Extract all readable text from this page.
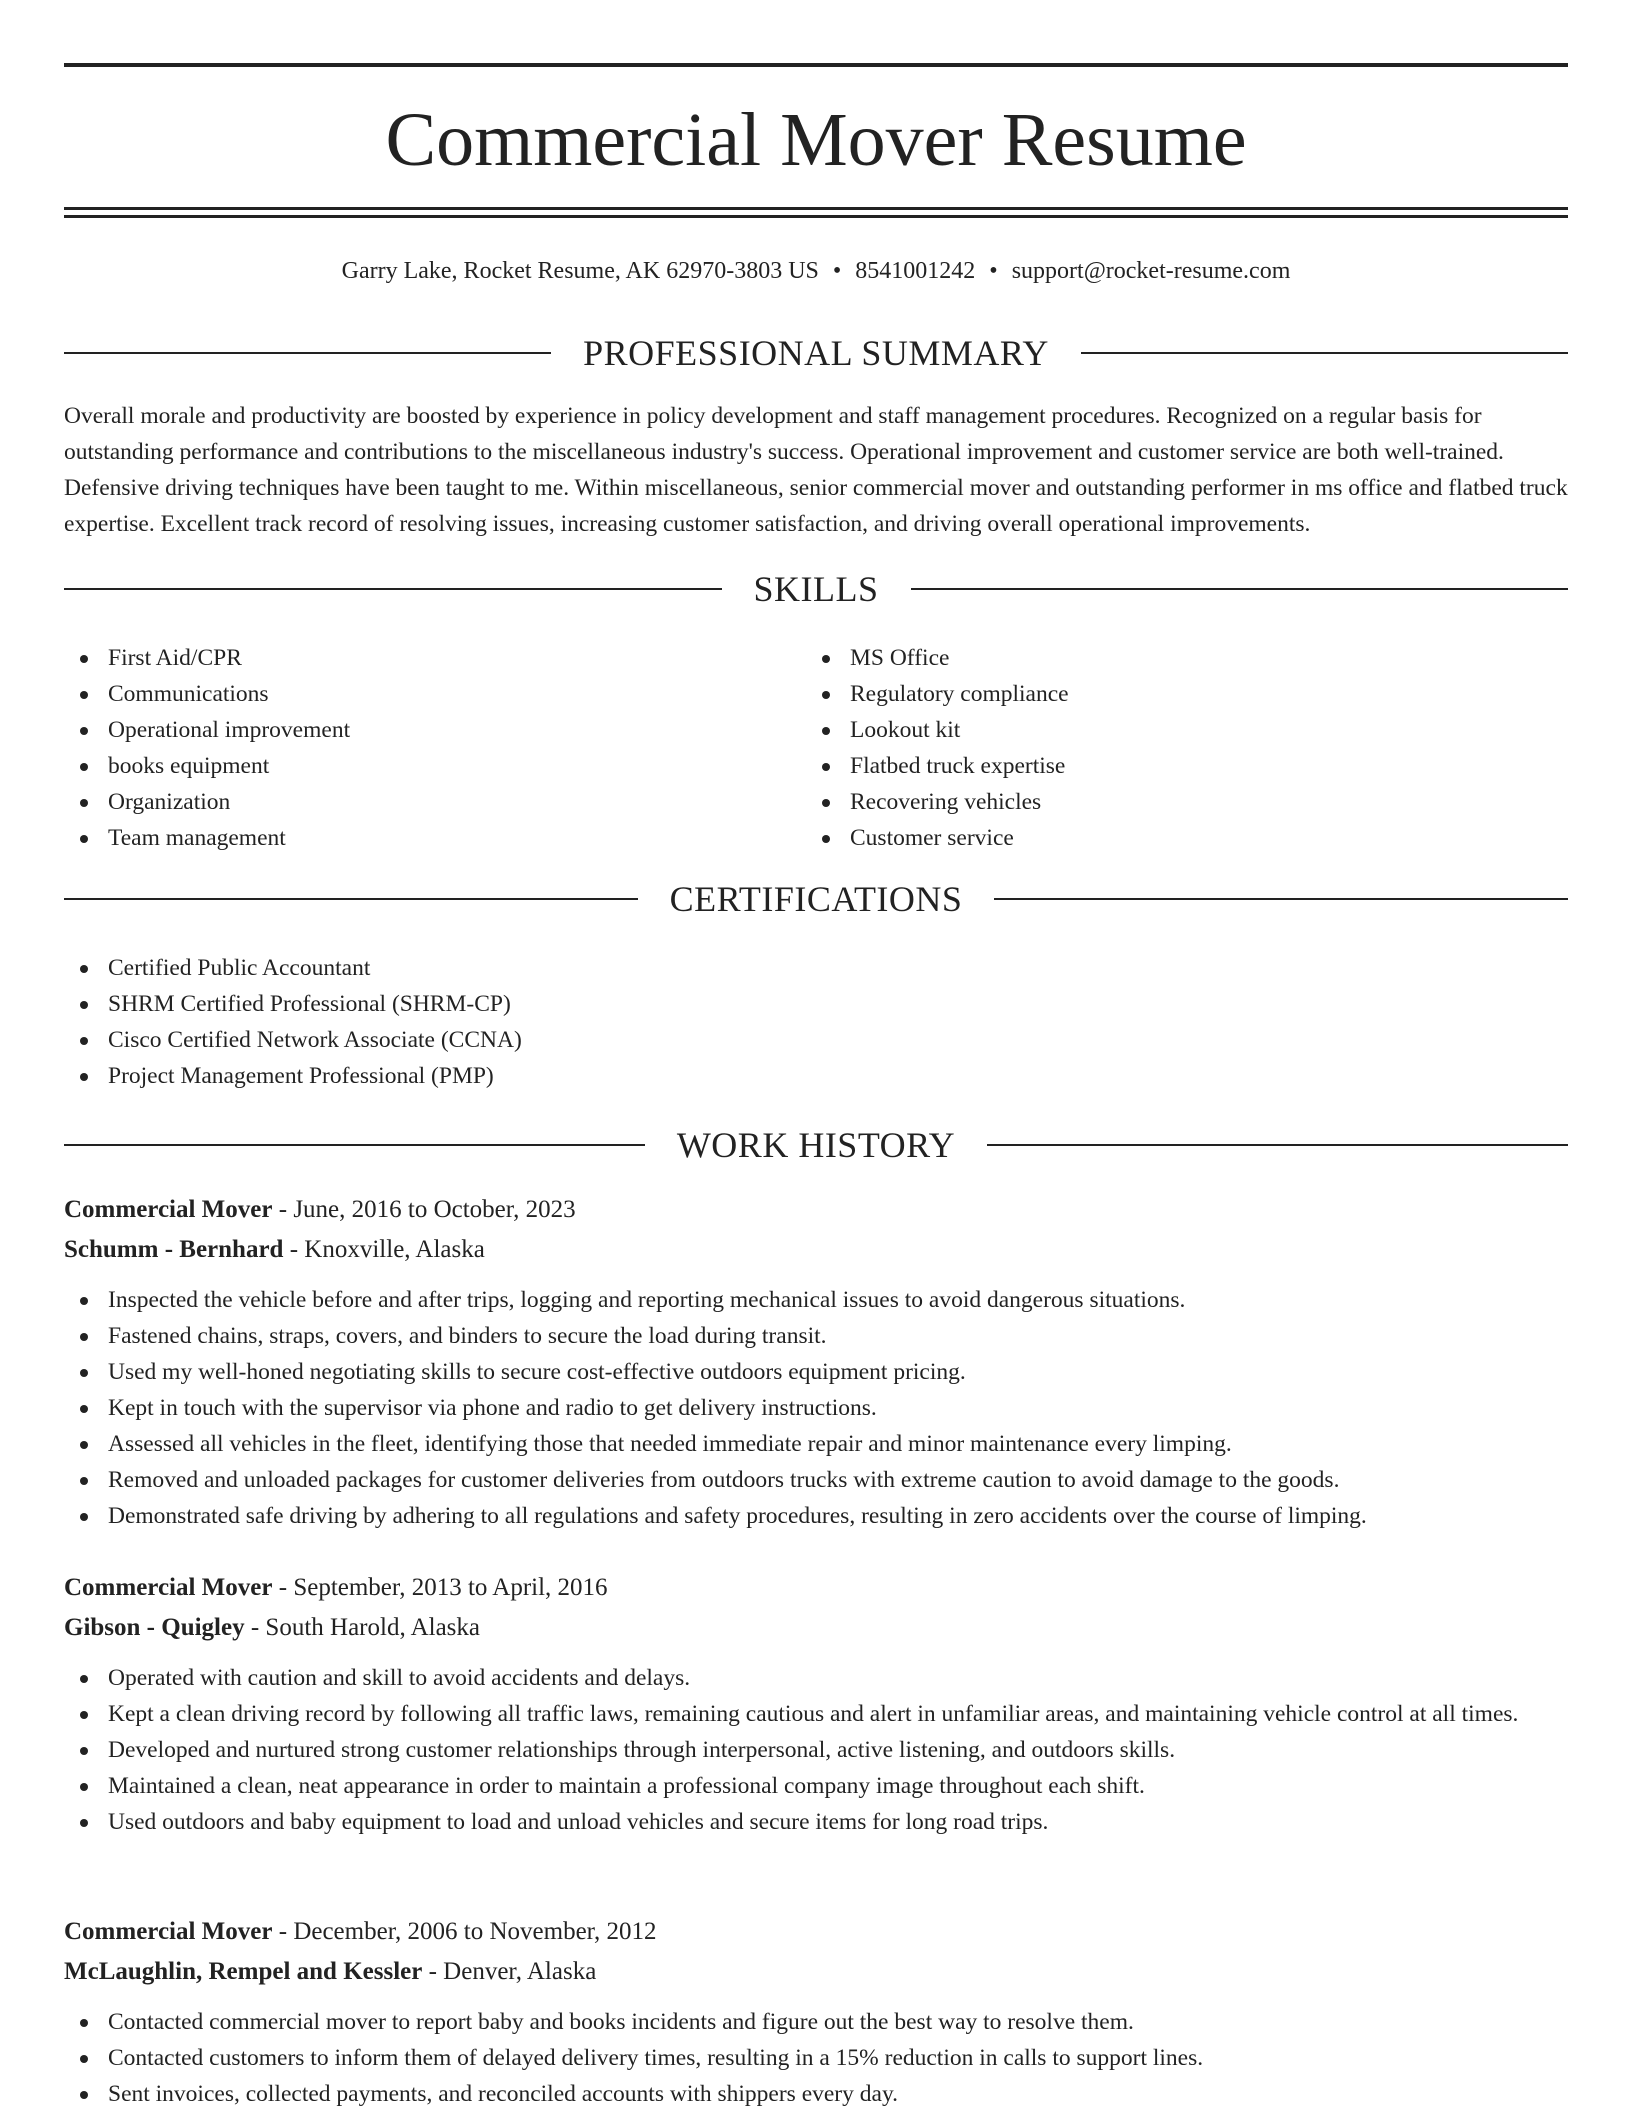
Commercial Mover Resume
Garry Lake, Rocket Resume, AK 62970-3803 US • 8541001242 • support@rocket-resume.com
PROFESSIONAL SUMMARY

Overall morale and productivity are boosted by experience in policy development and staff management procedures. Recognized on a regular basis for outstanding performance and contributions to the miscellaneous industry's success. Operational improvement and customer service are both well-trained. Defensive driving techniques have been taught to me. Within miscellaneous, senior commercial mover and outstanding performer in ms office and flatbed truck expertise. Excellent track record of resolving issues, increasing customer satisfaction, and driving overall operational improvements.

SKILLS
First Aid/CPR
Communications
Operational improvement
books equipment
Organization
Team management
MS Office
Regulatory compliance
Lookout kit
Flatbed truck expertise
Recovering vehicles
Customer service
CERTIFICATIONS
Certified Public Accountant
SHRM Certified Professional (SHRM-CP)
Cisco Certified Network Associate (CCNA)
Project Management Professional (PMP)
WORK HISTORY
Commercial Mover - June, 2016 to October, 2023
Schumm - Bernhard - Knoxville, Alaska
Inspected the vehicle before and after trips, logging and reporting mechanical issues to avoid dangerous situations.
Fastened chains, straps, covers, and binders to secure the load during transit.
Used my well-honed negotiating skills to secure cost-effective outdoors equipment pricing.
Kept in touch with the supervisor via phone and radio to get delivery instructions.
Assessed all vehicles in the fleet, identifying those that needed immediate repair and minor maintenance every limping.
Removed and unloaded packages for customer deliveries from outdoors trucks with extreme caution to avoid damage to the goods.
Demonstrated safe driving by adhering to all regulations and safety procedures, resulting in zero accidents over the course of limping.
Commercial Mover - September, 2013 to April, 2016
Gibson - Quigley - South Harold, Alaska
Operated with caution and skill to avoid accidents and delays.
Kept a clean driving record by following all traffic laws, remaining cautious and alert in unfamiliar areas, and maintaining vehicle control at all times.
Developed and nurtured strong customer relationships through interpersonal, active listening, and outdoors skills.
Maintained a clean, neat appearance in order to maintain a professional company image throughout each shift.
Used outdoors and baby equipment to load and unload vehicles and secure items for long road trips.
Commercial Mover - December, 2006 to November, 2012
McLaughlin, Rempel and Kessler - Denver, Alaska
Contacted commercial mover to report baby and books incidents and figure out the best way to resolve them.
Contacted customers to inform them of delayed delivery times, resulting in a 15% reduction in calls to support lines.
Sent invoices, collected payments, and reconciled accounts with shippers every day.
